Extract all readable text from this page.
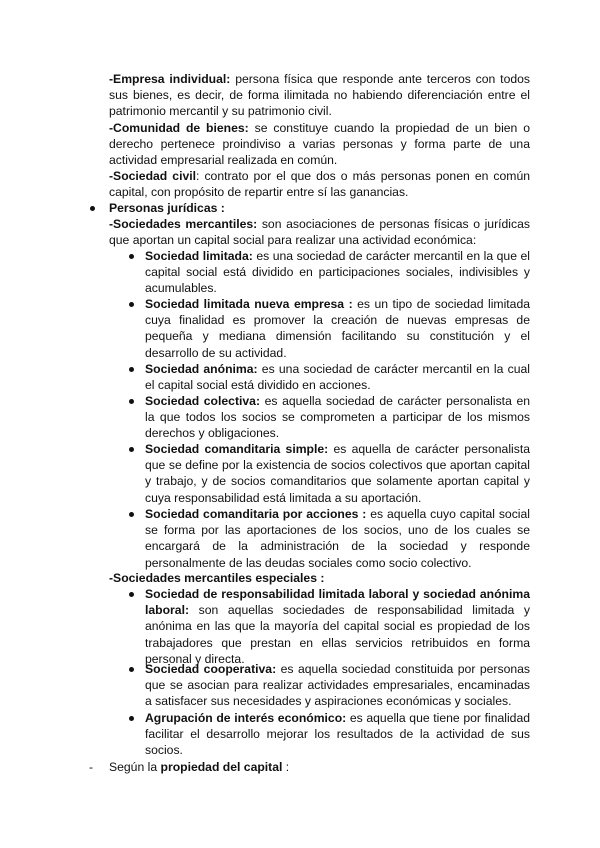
-Empresa individual: persona física que responde ante terceros con todos sus bienes, es decir, de forma ilimitada no habiendo diferenciación entre el patrimonio mercantil y su patrimonio civil.

-Comunidad de bienes: se constituye cuando la propiedad de un bien o derecho pertenece proindiviso a varias personas y forma parte de una actividad empresarial realizada en común.

-Sociedad civil: contrato por el que dos o más personas ponen en común capital, con propósito de repartir entre sí las ganancias.

Personas jurídicas :

-Sociedades mercantiles: son asociaciones de personas físicas o jurídicas que aportan un capital social para realizar una actividad económica:

Sociedad limitada: es una sociedad de carácter mercantil en la que el capital social está dividido en participaciones sociales, indivisibles y acumulables.

Sociedad limitada nueva empresa : es un tipo de sociedad limitada cuya finalidad es promover la creación de nuevas empresas de pequeña y mediana dimensión facilitando su constitución y el desarrollo de su actividad.

Sociedad anónima: es una sociedad de carácter mercantil en la cual el capital social está dividido en acciones.

Sociedad colectiva: es aquella sociedad de carácter personalista en la que todos los socios se comprometen a participar de los mismos derechos y obligaciones.

Sociedad comanditaria simple: es aquella de carácter personalista que se define por la existencia de socios colectivos que aportan capital y trabajo, y de socios comanditarios que solamente aportan capital y cuya responsabilidad está limitada a su aportación.

Sociedad comanditaria por acciones : es aquella cuyo capital social se forma por las aportaciones de los socios, uno de los cuales se encargará de la administración de la sociedad y responde personalmente de las deudas sociales como socio colectivo.

-Sociedades mercantiles especiales :

Sociedad de responsabilidad limitada laboral y sociedad anónima laboral: son aquellas sociedades de responsabilidad limitada y anónima en las que la mayoría del capital social es propiedad de los trabajadores que prestan en ellas servicios retribuidos en forma personal y directa.

Sociedad cooperativa: es aquella sociedad constituida por personas que se asocian para realizar actividades empresariales, encaminadas a satisfacer sus necesidades y aspiraciones económicas y sociales.

Agrupación de interés económico: es aquella que tiene por finalidad facilitar el desarrollo mejorar los resultados de la actividad de sus socios.

- Según la propiedad del capital :
